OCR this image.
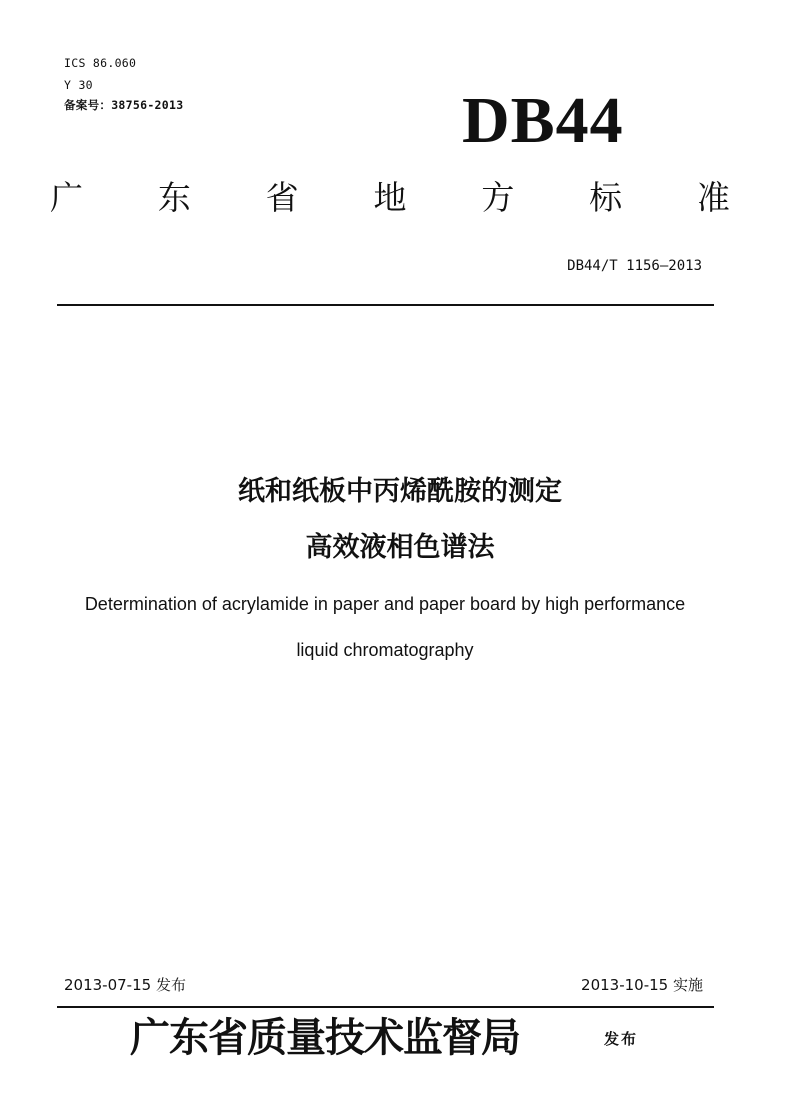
ICS 86.060
Y 30
备案号：38756-2013	DB44
广 东 省 地 方 标 准
DB44/T 1156—2013
纸和纸板中丙烯酰胺的测定
高效液相色谱法
Determination of acrylamide in paper and paper board by high performance
liquid chromatography
2013-07-15 发布	2013-10-15 实施
广东省质量技术监督局	发布
